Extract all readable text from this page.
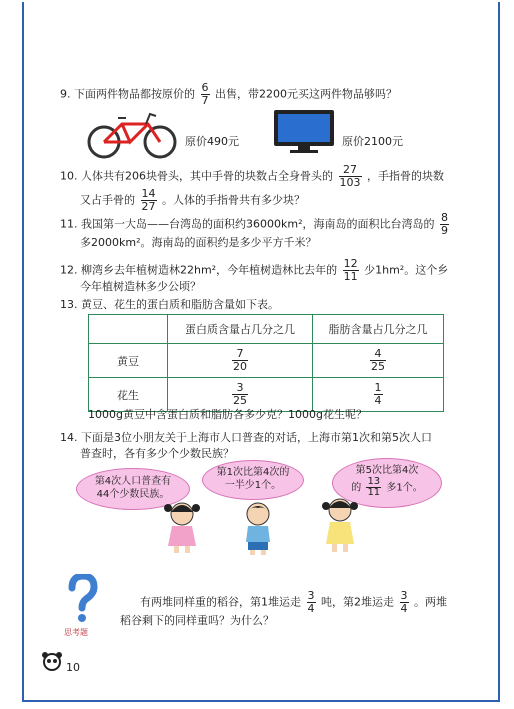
9. 下面两件物品都按原价的 $\frac{6}{7}$ 出售，带2200元买这两件物品够吗？
原价490元	原价2100元
10. 人体共有206块骨头，其中手骨的块数占全身骨头的 $\frac{27}{103}$ ，手指骨的块数
又占手骨的 $\frac{14}{27}$ 。人体的手指骨共有多少块？
11. 我国第一大岛——台湾岛的面积约36000km²，海南岛的面积比台湾岛的 $\frac{8}{9}$
多2000km²。海南岛的面积约是多少平方千米？
12. 柳湾乡去年植树造林22hm²，今年植树造林比去年的 $\frac{12}{11}$ 少1hm²。这个乡
今年植树造林多少公顷？
13. 黄豆、花生的蛋白质和脂肪含量如下表。
	蛋白质含量占几分之几	脂肪含量占几分之几
黄豆	$\frac{7}{20}$	$\frac{4}{25}$

花生	$\frac{3}{25}$	$\frac{1}{4}$
1000g黄豆中含蛋白质和脂肪各多少克？1000g花生呢？
14. 下面是3位小朋友关于上海市人口普查的对话，上海市第1次和第5次人口
普查时，各有多少个少数民族？
第4次人口普查有
44个少数民族。
第1次比第4次的
一半少1个。
第5次比第4次
的 $\frac{13}{11}$ 多1个。
思考题
有两堆同样重的稻谷，第1堆运走 $\frac{3}{4}$ 吨，第2堆运走 $\frac{3}{4}$ 。两堆
稻谷剩下的同样重吗？为什么？
10
